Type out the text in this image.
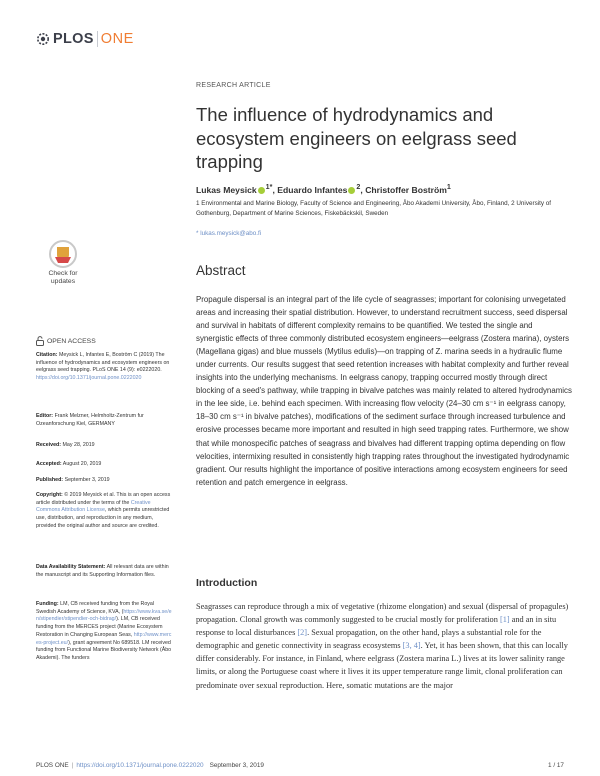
PLOS ONE
RESEARCH ARTICLE
The influence of hydrodynamics and ecosystem engineers on eelgrass seed trapping
Lukas Meysick $^{1*}$, Eduardo Infantes $^2$, Christoffer Boström$^1$
1 Environmental and Marine Biology, Faculty of Science and Engineering, Åbo Akademi University, Åbo, Finland, 2 University of Gothenburg, Department of Marine Sciences, Fiskebäckskil, Sweden
* lukas.meysick@abo.fi
Abstract

Propagule dispersal is an integral part of the life cycle of seagrasses; important for colonising unvegetated areas and increasing their spatial distribution. However, to understand recruitment success, seed dispersal and survival in habitats of different complexity remains to be quantified. We tested the single and synergistic effects of three commonly distributed ecosystem engineers—eelgrass (Zostera marina), oysters (Magellana gigas) and blue mussels (Mytilus edulis)—on trapping of Z. marina seeds in a hydraulic flume under currents. Our results suggest that seed retention increases with habitat complexity and further reveal insights into the underlying mechanisms. In eelgrass canopy, trapping occurred mostly through direct blocking of a seed's pathway, while trapping in bivalve patches was mainly related to altered hydrodynamics in the lee side, i.e. behind each specimen. With increasing flow velocity (24–30 cm s⁻¹ in eelgrass canopy, 18–30 cm s⁻¹ in bivalve patches), modifications of the sediment surface through increased turbulence and erosive processes became more important and resulted in high seed trapping rates. Furthermore, we show that while monospecific patches of seagrass and bivalves had different trapping optima depending on flow velocities, intermixing resulted in consistently high trapping rates throughout the investigated hydrodynamic gradient. Our results highlight the importance of positive interactions among ecosystem engineers for seed retention and patch emergence in eelgrass.

Introduction

Seagrasses can reproduce through a mix of vegetative (rhizome elongation) and sexual (dispersal of propagules) propagation. Clonal growth was commonly suggested to be crucial mostly for proliferation [1] and an in situ response to local disturbances [2]. Sexual propagation, on the other hand, plays a substantial role for the demographic and genetic connectivity in seagrass ecosystems [3, 4]. Yet, it has been shown, that this can locally differ considerably. For instance, in Finland, where eelgrass (Zostera marina L.) lives at its lower salinity range limits, or along the Portuguese coast where it lives it its upper temperature range limit, clonal proliferation can predominate over sexual reproduction. Here, somatic mutations are the major

Check for updates
OPEN ACCESS
Citation: Meysick L, Infantes E, Boström C (2019) The influence of hydrodynamics and ecosystem engineers on eelgrass seed trapping. PLoS ONE 14 (9): e0222020. https://doi.org/10.1371/journal.pone.0222020
Editor: Frank Melzner, Helmholtz-Zentrum fur Ozeanforschung Kiel, GERMANY
Received: May 28, 2019
Accepted: August 20, 2019
Published: September 3, 2019
Copyright: © 2019 Meysick et al. This is an open access article distributed under the terms of the Creative Commons Attribution License, which permits unrestricted use, distribution, and reproduction in any medium, provided the original author and source are credited.
Data Availability Statement: All relevant data are within the manuscript and its Supporting Information files.
Funding: LM, CB received funding from the Royal Swedish Academy of Science, KVA, (https://www.kva.se/en/stipendier/stipendier-och-bidrag/). LM, CB received funding from the MERCES project (Marine Ecosystem Restoration in Changing European Seas, http://www.merces-project.eu/), grant agreement No 689518. LM received funding from Functional Marine Biodiversity Network (Åbo Akademi). The funders
PLOS ONE | https://doi.org/10.1371/journal.pone.0222020 September 3, 2019	1 / 17
